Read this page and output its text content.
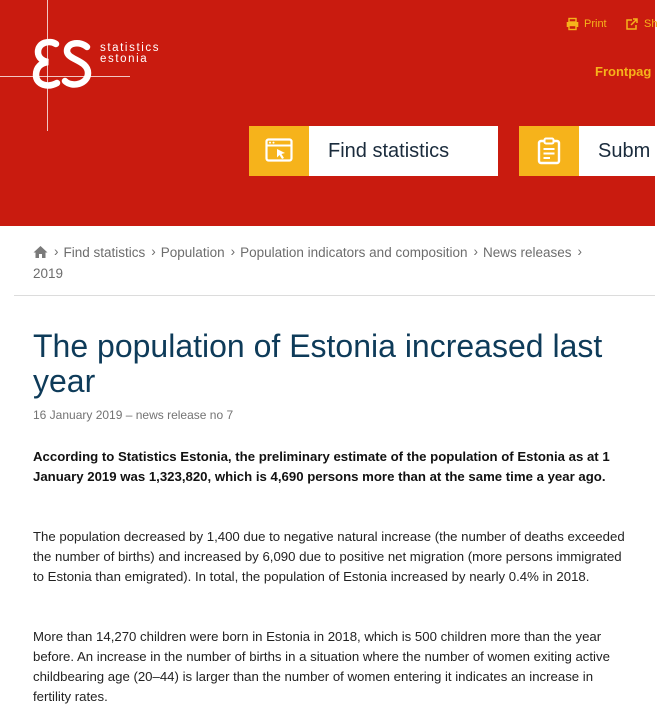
statistics
estonia
Print	Sh
Frontpag
Find statistics	Subm
› Find statistics › Population › Population indicators and composition › News releases ›
2019
The population of Estonia increased last year
16 January 2019 – news release no 7

According to Statistics Estonia, the preliminary estimate of the population of Estonia as at 1 January 2019 was 1,323,820, which is 4,690 persons more than at the same time a year ago.

The population decreased by 1,400 due to negative natural increase (the number of deaths exceeded the number of births) and increased by 6,090 due to positive net migration (more persons immigrated to Estonia than emigrated). In total, the population of Estonia increased by nearly 0.4% in 2018.

More than 14,270 children were born in Estonia in 2018, which is 500 children more than the year before. An increase in the number of births in a situation where the number of women exiting active childbearing age (20–44) is larger than the number of women entering it indicates an increase in fertility rates.
